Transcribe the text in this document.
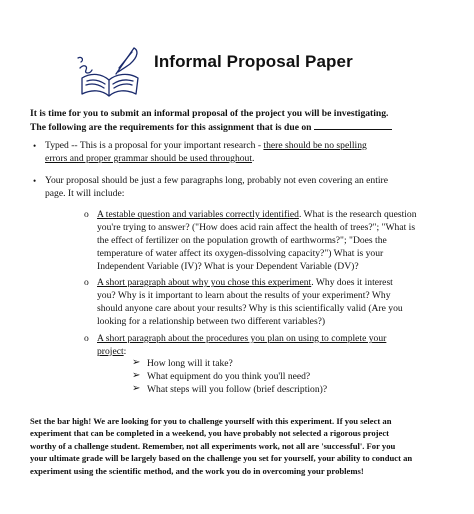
Informal Proposal Paper
It is time for you to submit an informal proposal of the project you will be investigating.
The following are the requirements for this assignment that is due on
• Typed -- This is a proposal for your important research - there should be no spelling
errors and proper grammar should be used throughout.
• Your proposal should be just a few paragraphs long, probably not even covering an entire
page. It will include:
o A testable question and variables correctly identified. What is the research question
you're trying to answer? ("How does acid rain affect the health of trees?"; "What is
the effect of fertilizer on the population growth of earthworms?"; "Does the
temperature of water affect its oxygen-dissolving capacity?") What is your
Independent Variable (IV)? What is your Dependent Variable (DV)?
o A short paragraph about why you chose this experiment. Why does it interest
you? Why is it important to learn about the results of your experiment? Why
should anyone care about your results? Why is this scientifically valid (Are you
looking for a relationship between two different variables?)
o A short paragraph about the procedures you plan on using to complete your
project:
➢ How long will it take?
➢ What equipment do you think you'll need?
➢ What steps will you follow (brief description)?
Set the bar high! We are looking for you to challenge yourself with this experiment. If you select an
experiment that can be completed in a weekend, you have probably not selected a rigorous project
worthy of a challenge student. Remember, not all experiments work, not all are 'successful'. For you
your ultimate grade will be largely based on the challenge you set for yourself, your ability to conduct an
experiment using the scientific method, and the work you do in overcoming your problems!
